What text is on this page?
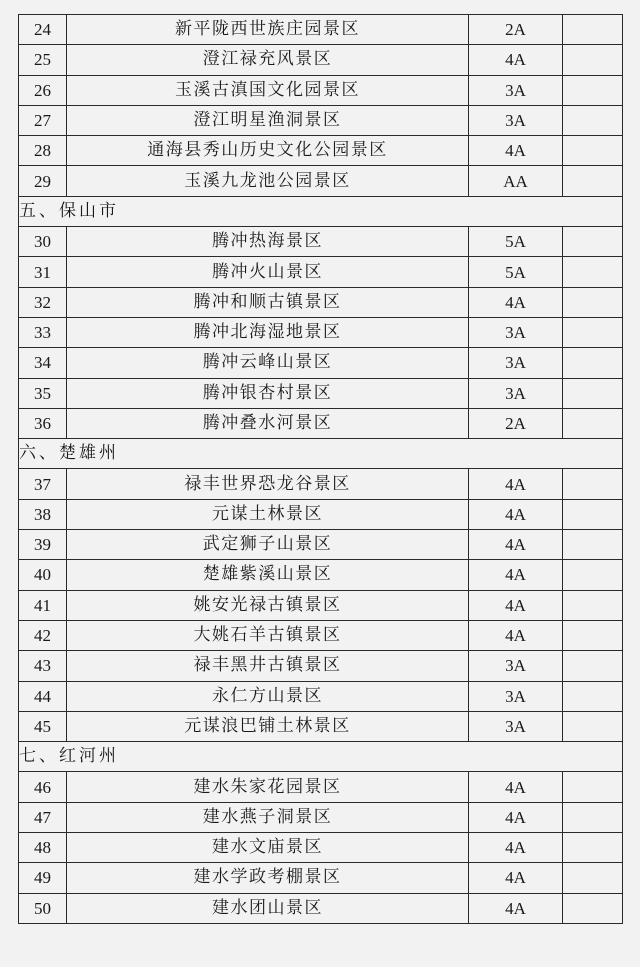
24	新平陇西世族庄园景区	2A	
25	澄江禄充风景区	4A	
26	玉溪古滇国文化园景区	3A	
27	澄江明星渔洞景区	3A	
28	通海县秀山历史文化公园景区	4A	
29	玉溪九龙池公园景区	AA	
五、保山市			
30	腾冲热海景区	5A	
31	腾冲火山景区	5A	
32	腾冲和顺古镇景区	4A	
33	腾冲北海湿地景区	3A	
34	腾冲云峰山景区	3A	
35	腾冲银杏村景区	3A	
36	腾冲叠水河景区	2A	
六、楚雄州			
37	禄丰世界恐龙谷景区	4A	
38	元谋土林景区	4A	
39	武定狮子山景区	4A	
40	楚雄紫溪山景区	4A	
41	姚安光禄古镇景区	4A	
42	大姚石羊古镇景区	4A	
43	禄丰黑井古镇景区	3A	
44	永仁方山景区	3A	
45	元谋浪巴铺土林景区	3A	
七、红河州			
46	建水朱家花园景区	4A	
47	建水燕子洞景区	4A	
48	建水文庙景区	4A	
49	建水学政考棚景区	4A	
50	建水团山景区	4A	
